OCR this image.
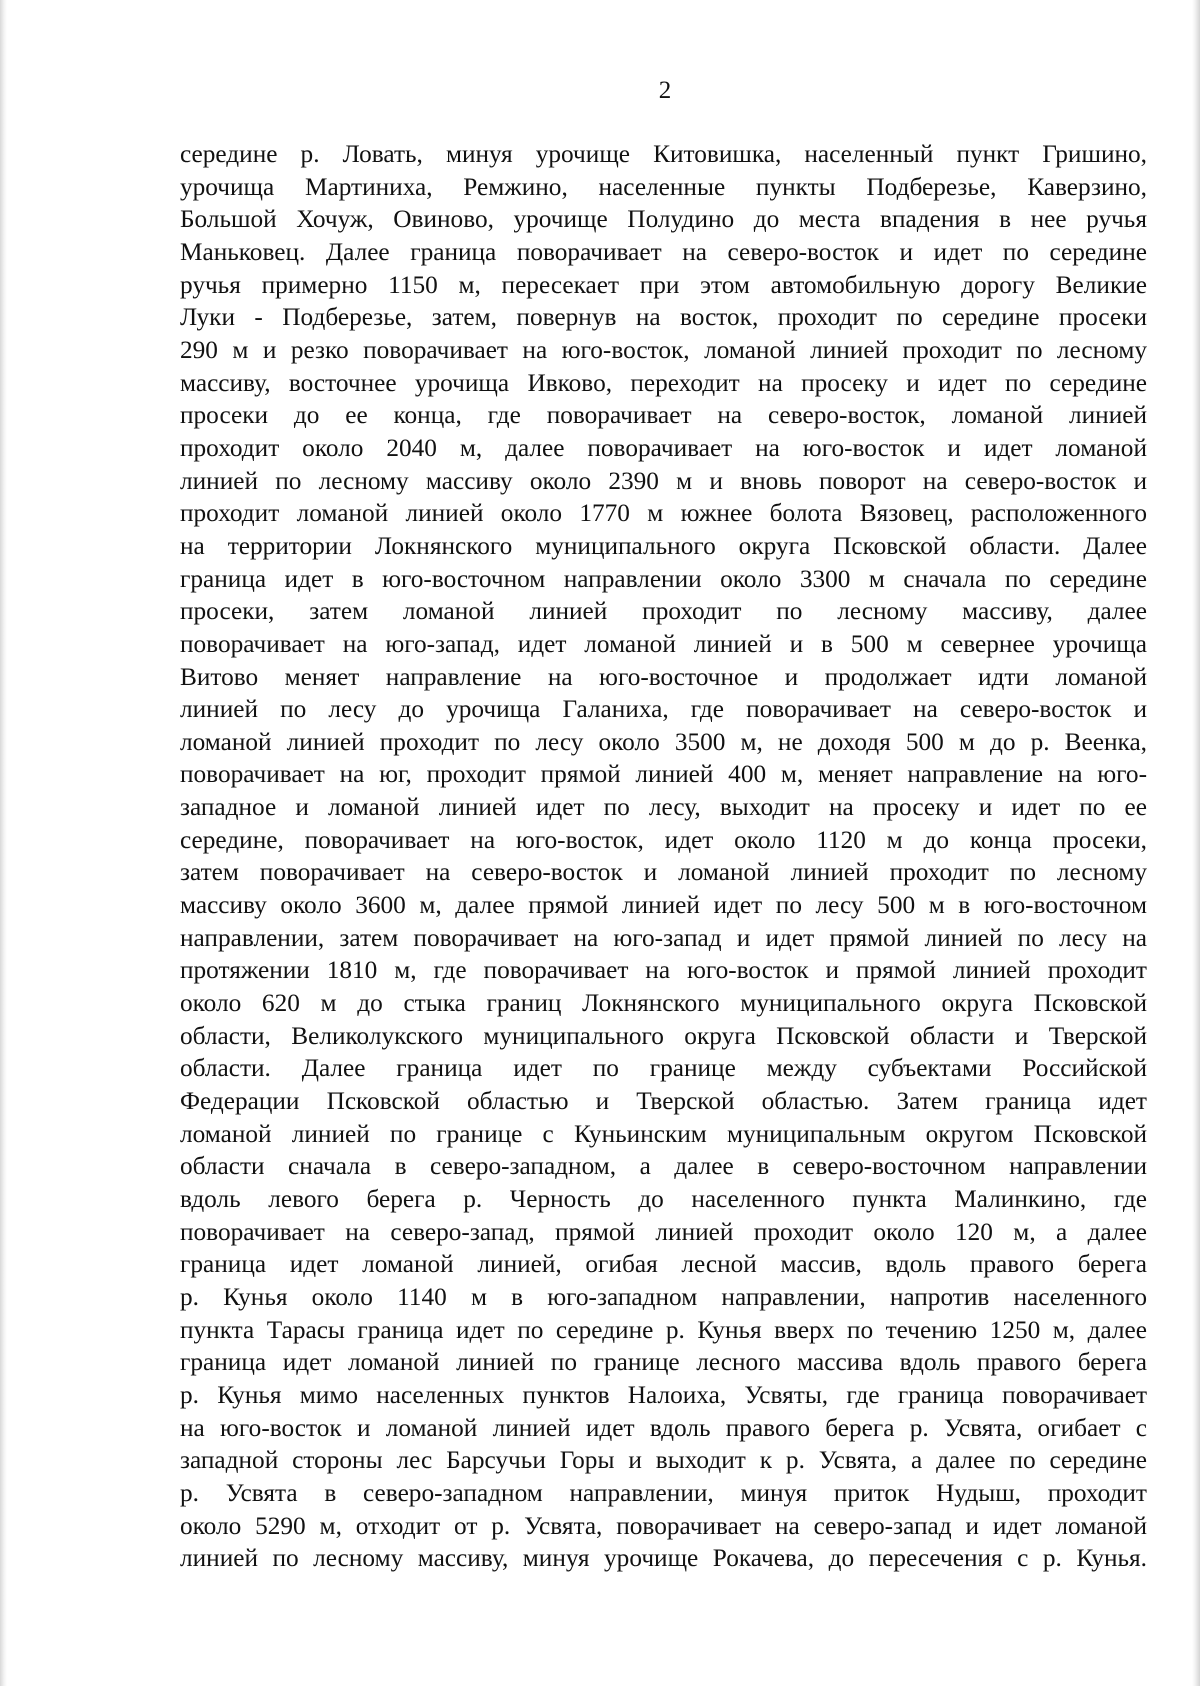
2
середине р. Ловать, минуя урочище Китовишка, населенный пункт Гришино,
урочища Мартиниха, Ремжино, населенные пункты Подберезье, Каверзино,
Большой Хочуж, Овиново, урочище Полудино до места впадения в нее ручья
Маньковец. Далее граница поворачивает на северо-восток и идет по середине
ручья примерно 1150 м, пересекает при этом автомобильную дорогу Великие
Луки - Подберезье, затем, повернув на восток, проходит по середине просеки
290 м и резко поворачивает на юго-восток, ломаной линией проходит по лесному
массиву, восточнее урочища Ивково, переходит на просеку и идет по середине
просеки до ее конца, где поворачивает на северо-восток, ломаной линией
проходит около 2040 м, далее поворачивает на юго-восток и идет ломаной
линией по лесному массиву около 2390 м и вновь поворот на северо-восток и
проходит ломаной линией около 1770 м южнее болота Вязовец, расположенного
на территории Локнянского муниципального округа Псковской области. Далее
граница идет в юго-восточном направлении около 3300 м сначала по середине
просеки, затем ломаной линией проходит по лесному массиву, далее
поворачивает на юго-запад, идет ломаной линией и в 500 м севернее урочища
Витово меняет направление на юго-восточное и продолжает идти ломаной
линией по лесу до урочища Галаниха, где поворачивает на северо-восток и
ломаной линией проходит по лесу около 3500 м, не доходя 500 м до р. Веенка,
поворачивает на юг, проходит прямой линией 400 м, меняет направление на юго-
западное и ломаной линией идет по лесу, выходит на просеку и идет по ее
середине, поворачивает на юго-восток, идет около 1120 м до конца просеки,
затем поворачивает на северо-восток и ломаной линией проходит по лесному
массиву около 3600 м, далее прямой линией идет по лесу 500 м в юго-восточном
направлении, затем поворачивает на юго-запад и идет прямой линией по лесу на
протяжении 1810 м, где поворачивает на юго-восток и прямой линией проходит
около 620 м до стыка границ Локнянского муниципального округа Псковской
области, Великолукского муниципального округа Псковской области и Тверской
области. Далее граница идет по границе между субъектами Российской
Федерации Псковской областью и Тверской областью. Затем граница идет
ломаной линией по границе с Куньинским муниципальным округом Псковской
области сначала в северо-западном, а далее в северо-восточном направлении
вдоль левого берега р. Черность до населенного пункта Малинкино, где
поворачивает на северо-запад, прямой линией проходит около 120 м, а далее
граница идет ломаной линией, огибая лесной массив, вдоль правого берега
р. Кунья около 1140 м в юго-западном направлении, напротив населенного
пункта Тарасы граница идет по середине р. Кунья вверх по течению 1250 м, далее
граница идет ломаной линией по границе лесного массива вдоль правого берега
р. Кунья мимо населенных пунктов Налоиха, Усвяты, где граница поворачивает
на юго-восток и ломаной линией идет вдоль правого берега р. Усвята, огибает с
западной стороны лес Барсучьи Горы и выходит к р. Усвята, а далее по середине
р. Усвята в северо-западном направлении, минуя приток Нудыш, проходит
около 5290 м, отходит от р. Усвята, поворачивает на северо-запад и идет ломаной
линией по лесному массиву, минуя урочище Рокачева, до пересечения с р. Кунья.
